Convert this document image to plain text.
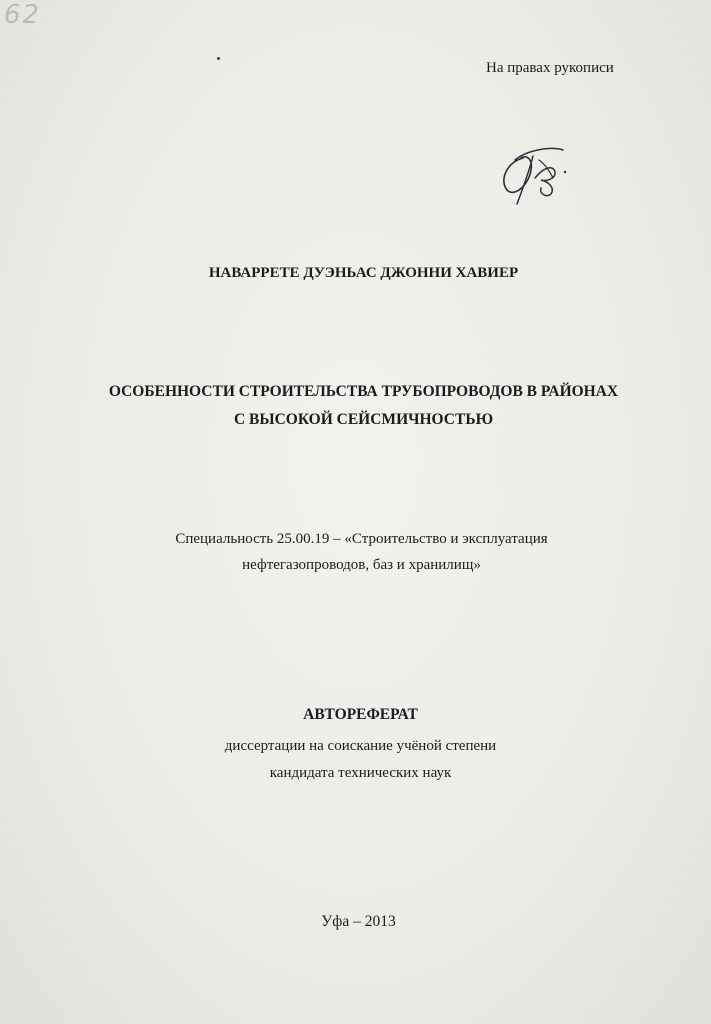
62
На правах рукописи
НАВАРРЕТЕ ДУЭНЬАС ДЖОННИ ХАВИЕР
ОСОБЕННОСТИ СТРОИТЕЛЬСТВА ТРУБОПРОВОДОВ В РАЙОНАХ
С ВЫСОКОЙ СЕЙСМИЧНОСТЬЮ
Специальность 25.00.19 – «Строительство и эксплуатация
нефтегазопроводов, баз и хранилищ»
АВТОРЕФЕРАТ
диссертации на соискание учёной степени
кандидата технических наук
Уфа – 2013
